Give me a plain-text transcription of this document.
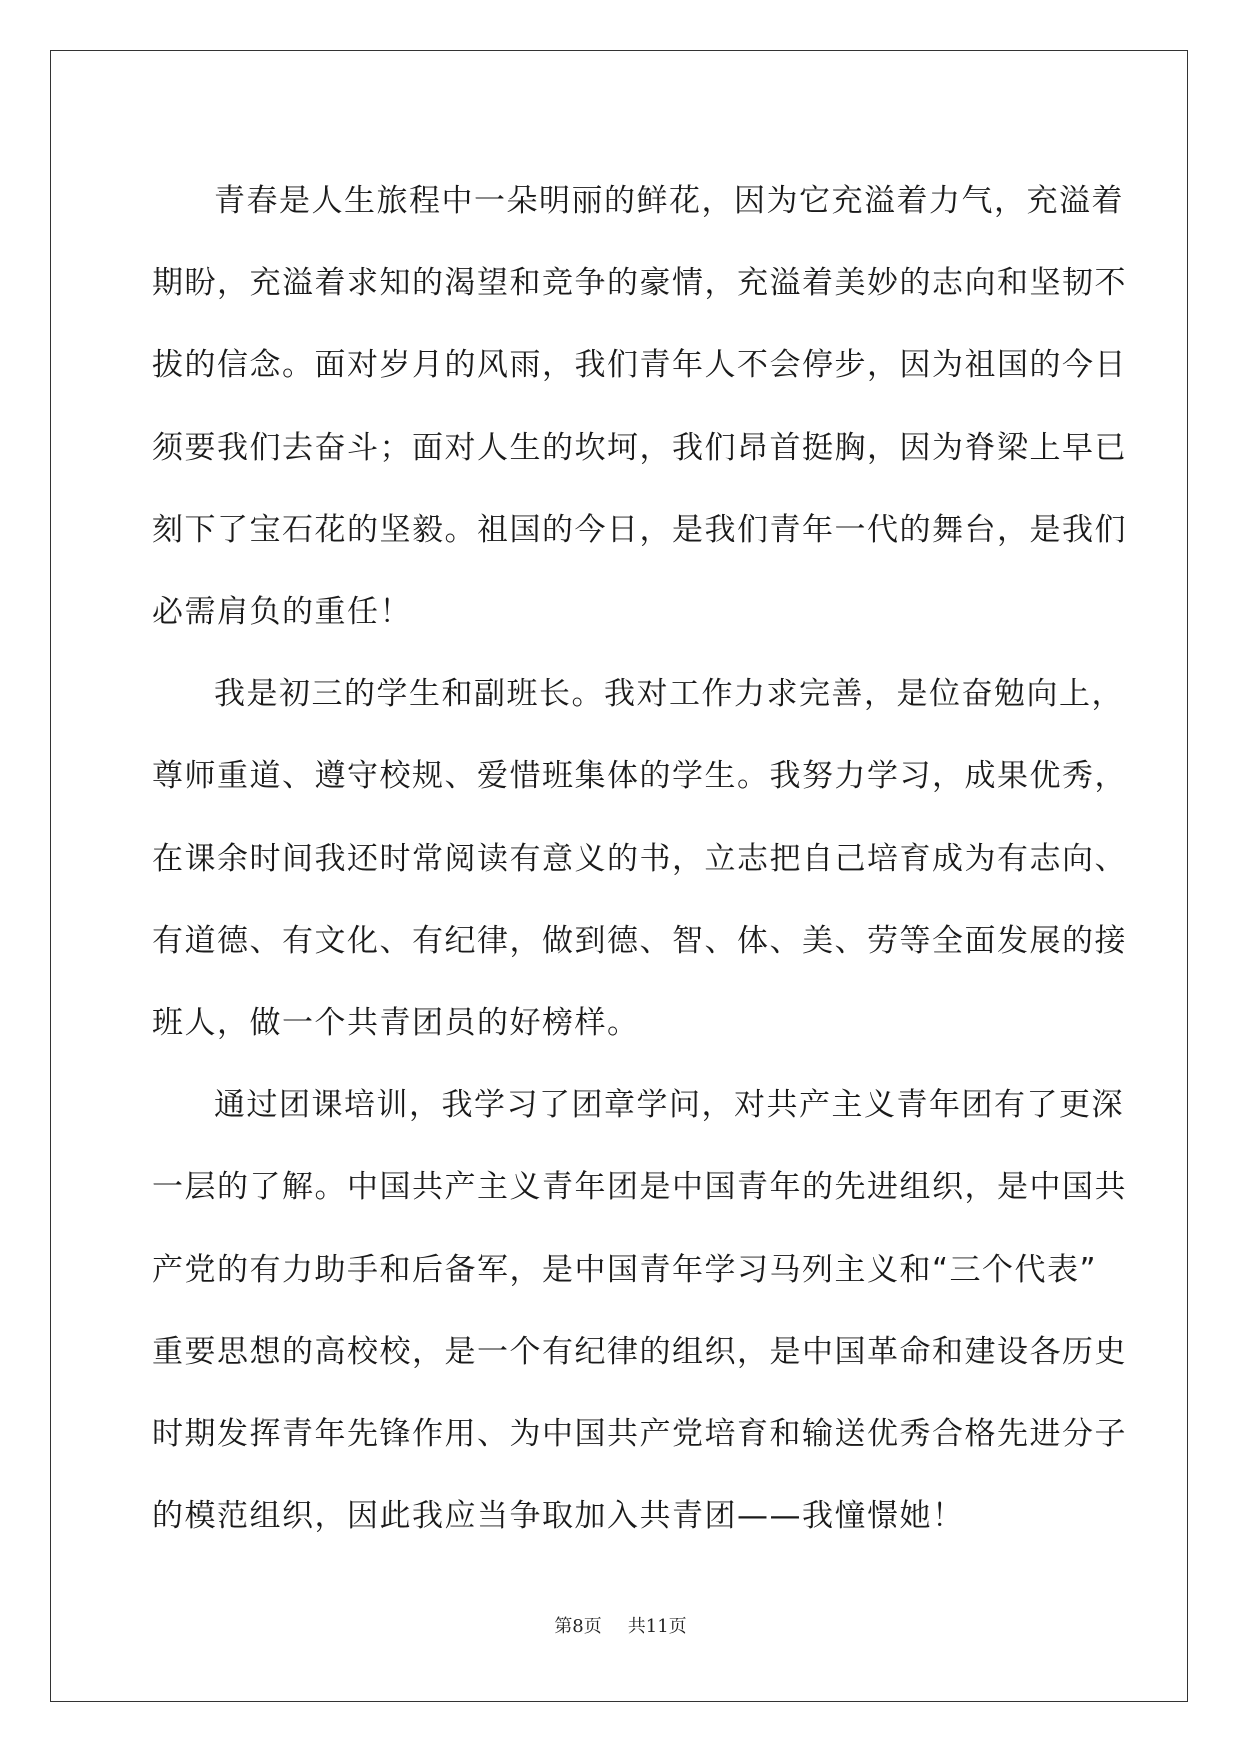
青春是人生旅程中一朵明丽的鲜花，因为它充溢着力气，充溢着
期盼，充溢着求知的渴望和竞争的豪情，充溢着美妙的志向和坚韧不
拔的信念。面对岁月的风雨，我们青年人不会停步，因为祖国的今日
须要我们去奋斗；面对人生的坎坷，我们昂首挺胸，因为脊梁上早已
刻下了宝石花的坚毅。祖国的今日，是我们青年一代的舞台，是我们
必需肩负的重任！
我是初三的学生和副班长。我对工作力求完善，是位奋勉向上，
尊师重道、遵守校规、爱惜班集体的学生。我努力学习，成果优秀，
在课余时间我还时常阅读有意义的书，立志把自己培育成为有志向、
有道德、有文化、有纪律，做到德、智、体、美、劳等全面发展的接
班人，做一个共青团员的好榜样。
通过团课培训，我学习了团章学问，对共产主义青年团有了更深
一层的了解。中国共产主义青年团是中国青年的先进组织，是中国共
产党的有力助手和后备军，是中国青年学习马列主义和“三个代表”
重要思想的高校校，是一个有纪律的组织，是中国革命和建设各历史
时期发挥青年先锋作用、为中国共产党培育和输送优秀合格先进分子
的模范组织，因此我应当争取加入共青团——我憧憬她！
第8页 共11页
